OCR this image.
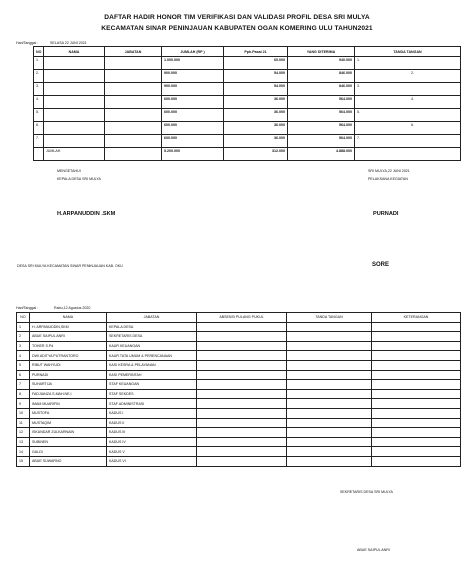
DAFTAR HADIR HONOR TIM VERIFIKASI DAN VALIDASI PROFIL DESA SRI MULYA
KECAMATAN SINAR PENINJAUAN KABUPATEN OGAN KOMERING ULU TAHUN2021
Hari/Tanggal :	SELASA 22 JUNI 2021
NO	NAMA	JABATAN	JUMLAH (RP )	Pph.Pasal 21	YANG DITERIMA	TANDA TANGAN
1.			1.000.000	60.000	940.000	1.
2.			900.000	54.000	846.000	2.
3.			900.000	54.000	846.000	3.
4.			600.000	36.000	564.000	4.
5.			600.000	36.000	564.000	5.
6.			600.000	36.000	564.000	6.
7.			600.000	36.000	564.000	7.
	JUMLAH		5.200.000	312.000	4.888.000	
MENGETAHUI
KEPALA DESA SRI MULYA
SRI MULYA,22 JUNI 2021
PELAKSANA KEGIATAN
H.ARPANUDDIN .SKM	PURNADI
DESA SRI MULYA KECAMATAN SINAR PENINJAUAN KAB. OKU	SORE
Hari/Tanggal :	Rabu,12 Agustus 2020
NO	NAMA	JABATAN	ABSENSI PULANG PUKUL	TANDA TANGAN	KETERANGAN
1	H. ARPANUDDIN,SKM	KEPALA DESA			
2	ABUE SAIPUL ANRI	SEKRETARIS DESA			
3	TOHER S.Pd	KAUR KEUANGAN			
4	DWI ADITYA PUTRANTORO	KAUR TATA UMUM & PERENCANAAN			
5	RIBUT WAHYUDI	KASI KESRA & PELAYANAN			
6	PURNADI	KASI PEMERINTAH			
7	SUHARTIJA	STAF KEUANGAN			
8	FADJIANZA S.MAH.NE.I	STAF SEKDES			
9	IMAM MUARIFIN	STAF ADMINISTRASI			
10	MUSTOFA	KADUS I			
11	MUSTAQIM	KADUS II			
12	ISKANDAR ZULKARNAIN	KADUS III			
13	SUBINEN	KADUS IV			
14	GALDI	KADUS V			
15	ABUE SUWARNO	KADUS VI			
SEKRETARIS DESA SRI MULYA
ABUE SAIPUL ANRI
